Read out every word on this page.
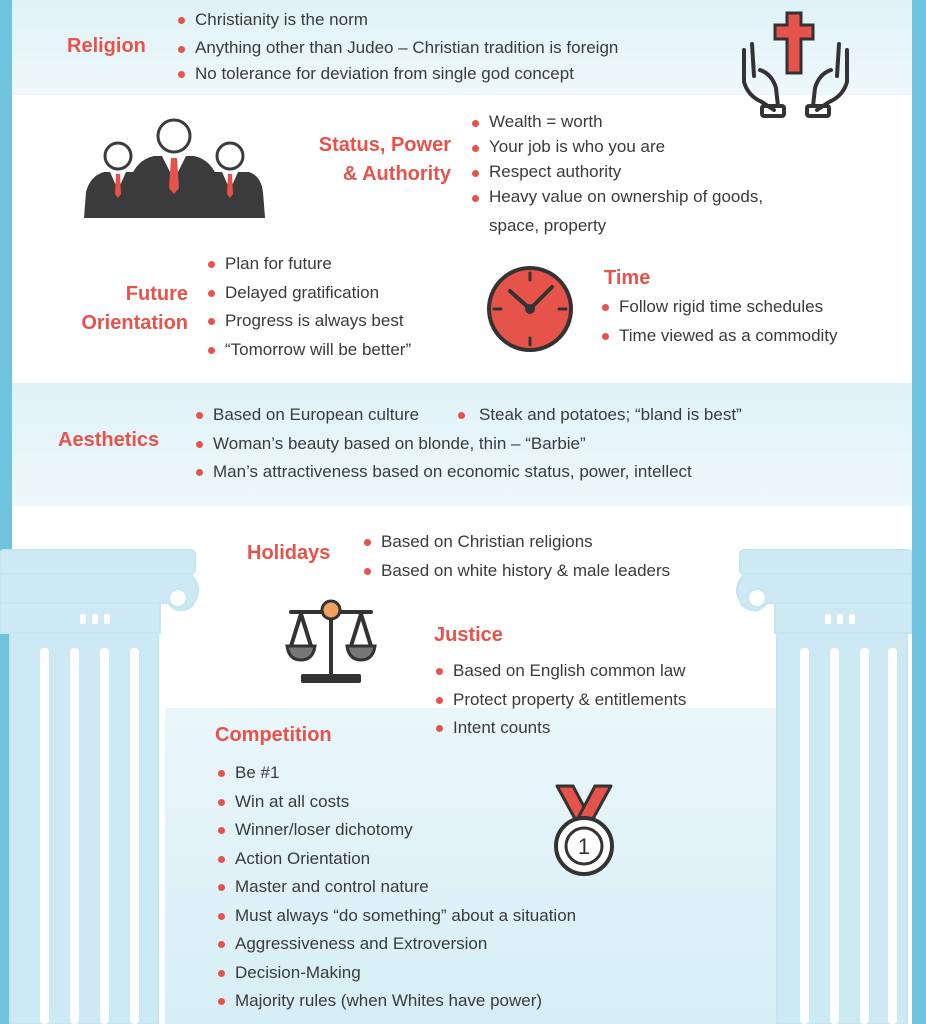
Religion
Christianity is the norm
Anything other than Judeo – Christian tradition is foreign
No tolerance for deviation from single god concept
Status, Power
& Authority
Wealth = worth
Your job is who you are
Respect authority
Heavy value on ownership of goods,
space, property
Future
Orientation
Plan for future
Delayed gratification
Progress is always best
“Tomorrow will be better”
Time
Follow rigid time schedules
Time viewed as a commodity
Aesthetics
Based on European culture
Woman’s beauty based on blonde, thin – “Barbie”
Man’s attractiveness based on economic status, power, intellect
Steak and potatoes; “bland is best”
Holidays
Based on Christian religions
Based on white history & male leaders
Justice
Based on English common law
Protect property & entitlements
Intent counts
Competition
Be #1
Win at all costs
Winner/loser dichotomy
Action Orientation
Master and control nature
Must always “do something” about a situation
Aggressiveness and Extroversion
Decision-Making
Majority rules (when Whites have power)
1
